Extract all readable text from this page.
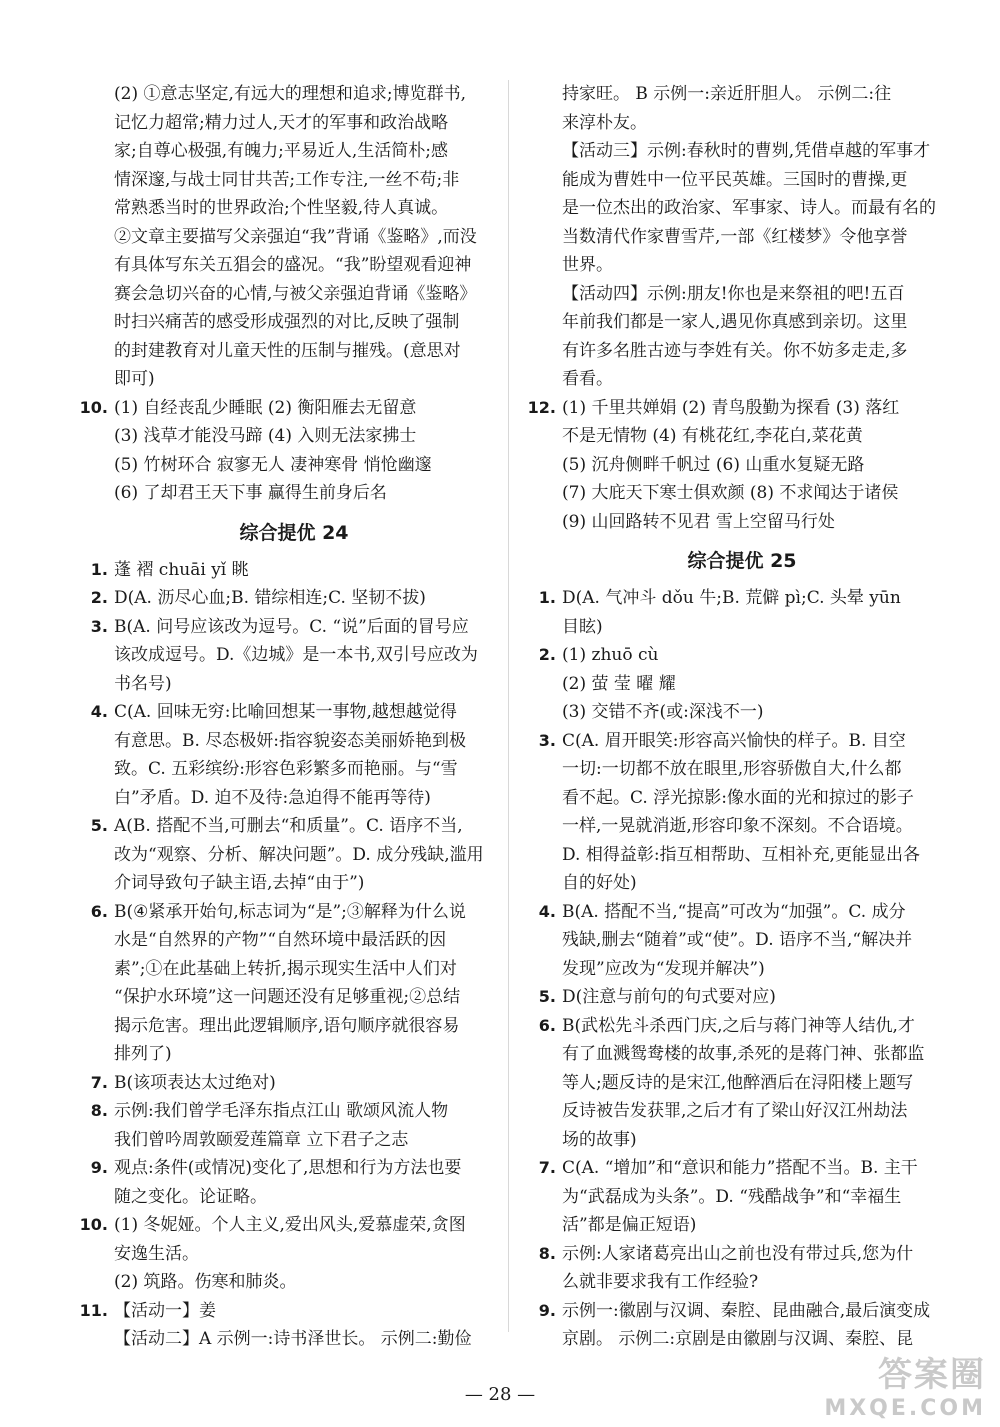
(2) ①意志坚定,有远大的理想和追求;博览群书,
记忆力超常;精力过人,天才的军事和政治战略
家;自尊心极强,有魄力;平易近人,生活简朴;感
情深邃,与战士同甘共苦;工作专注,一丝不苟;非
常熟悉当时的世界政治;个性坚毅,待人真诚。
②文章主要描写父亲强迫“我”背诵《鉴略》,而没
有具体写东关五猖会的盛况。“我”盼望观看迎神
赛会急切兴奋的心情,与被父亲强迫背诵《鉴略》
时扫兴痛苦的感受形成强烈的对比,反映了强制
的封建教育对儿童天性的压制与摧残。(意思对
即可)
10. (1) 自经丧乱少睡眠 (2) 衡阳雁去无留意
(3) 浅草才能没马蹄 (4) 入则无法家拂士
(5) 竹树环合 寂寥无人 凄神寒骨 悄怆幽邃
(6) 了却君王天下事 赢得生前身后名
综合提优 24
1. 蓬 褶 chuāi yǐ 眺
2. D(A. 沥尽心血;B. 错综相连;C. 坚韧不拔)
3. B(A. 问号应该改为逗号。C. “说”后面的冒号应
该改成逗号。D.《边城》是一本书,双引号应改为
书名号)
4. C(A. 回味无穷:比喻回想某一事物,越想越觉得
有意思。B. 尽态极妍:指容貌姿态美丽娇艳到极
致。C. 五彩缤纷:形容色彩繁多而艳丽。与“雪
白”矛盾。D. 迫不及待:急迫得不能再等待)
5. A(B. 搭配不当,可删去“和质量”。C. 语序不当,
改为“观察、分析、解决问题”。D. 成分残缺,滥用
介词导致句子缺主语,去掉“由于”)
6. B(④紧承开始句,标志词为“是”;③解释为什么说
水是“自然界的产物”“自然环境中最活跃的因
素”;①在此基础上转折,揭示现实生活中人们对
“保护水环境”这一问题还没有足够重视;②总结
揭示危害。理出此逻辑顺序,语句顺序就很容易
排列了)
7. B(该项表达太过绝对)
8. 示例:我们曾学毛泽东指点江山 歌颂风流人物
我们曾吟周敦颐爱莲篇章 立下君子之志
9. 观点:条件(或情况)变化了,思想和行为方法也要
随之变化。论证略。
10. (1) 冬妮娅。个人主义,爱出风头,爱慕虚荣,贪图
安逸生活。
(2) 筑路。伤寒和肺炎。
11. 【活动一】姜
【活动二】A 示例一:诗书泽世长。 示例二:勤俭
持家旺。 B 示例一:亲近肝胆人。 示例二:往
来淳朴友。
【活动三】示例:春秋时的曹刿,凭借卓越的军事才
能成为曹姓中一位平民英雄。三国时的曹操,更
是一位杰出的政治家、军事家、诗人。而最有名的
当数清代作家曹雪芹,一部《红楼梦》令他享誉
世界。
【活动四】示例:朋友!你也是来祭祖的吧!五百
年前我们都是一家人,遇见你真感到亲切。这里
有许多名胜古迹与李姓有关。你不妨多走走,多
看看。
12. (1) 千里共婵娟 (2) 青鸟殷勤为探看 (3) 落红
不是无情物 (4) 有桃花红,李花白,菜花黄
(5) 沉舟侧畔千帆过 (6) 山重水复疑无路
(7) 大庇天下寒士俱欢颜 (8) 不求闻达于诸侯
(9) 山回路转不见君 雪上空留马行处
综合提优 25
1. D(A. 气冲斗 dǒu 牛;B. 荒僻 pì;C. 头晕 yūn
目眩)
2. (1) zhuō cù
(2) 萤 莹 曜 耀
(3) 交错不齐(或:深浅不一)
3. C(A. 眉开眼笑:形容高兴愉快的样子。B. 目空
一切:一切都不放在眼里,形容骄傲自大,什么都
看不起。C. 浮光掠影:像水面的光和掠过的影子
一样,一晃就消逝,形容印象不深刻。不合语境。
D. 相得益彰:指互相帮助、互相补充,更能显出各
自的好处)
4. B(A. 搭配不当,“提高”可改为“加强”。C. 成分
残缺,删去“随着”或“使”。D. 语序不当,“解决并
发现”应改为“发现并解决”)
5. D(注意与前句的句式要对应)
6. B(武松先斗杀西门庆,之后与蒋门神等人结仇,才
有了血溅鸳鸯楼的故事,杀死的是蒋门神、张都监
等人;题反诗的是宋江,他醉酒后在浔阳楼上题写
反诗被告发获罪,之后才有了梁山好汉江州劫法
场的故事)
7. C(A. “增加”和“意识和能力”搭配不当。B. 主干
为“武磊成为头条”。D. “残酷战争”和“幸福生
活”都是偏正短语)
8. 示例:人家诸葛亮出山之前也没有带过兵,您为什
么就非要求我有工作经验?
9. 示例一:徽剧与汉调、秦腔、昆曲融合,最后演变成
京剧。 示例二:京剧是由徽剧与汉调、秦腔、昆
— 28 —	答案圈
MXQE.COM
